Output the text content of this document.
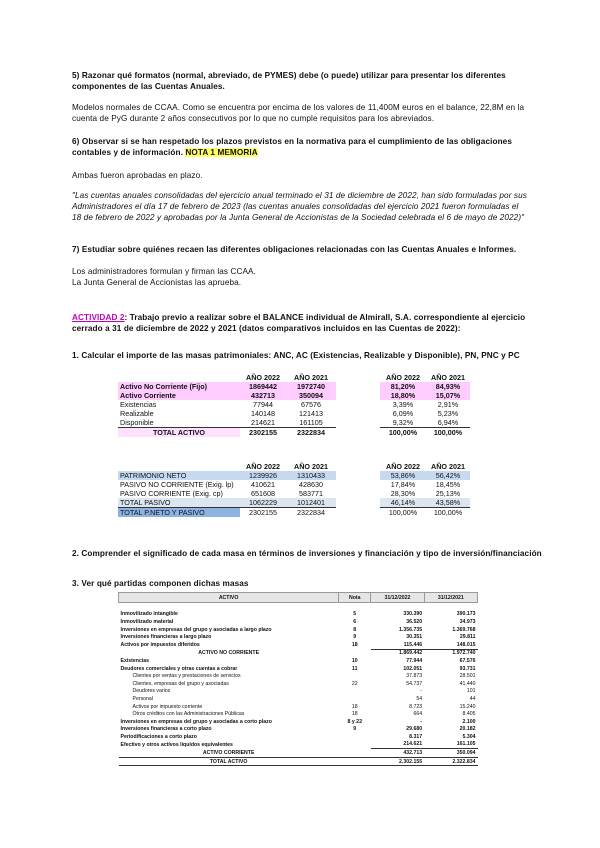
5) Razonar qué formatos (normal, abreviado, de PYMES) debe (o puede) utilizar para presentar los diferentes componentes de las Cuentas Anuales.
Modelos normales de CCAA. Como se encuentra por encima de los valores de 11,400M euros en el balance, 22,8M en la cuenta de PyG durante 2 años consecutivos por lo que no cumple requisitos para los abreviados.
6) Observar si se han respetado los plazos previstos en la normativa para el cumplimiento de las obligaciones contables y de información. NOTA 1 MEMORIA
Ambas fueron aprobadas en plazo.
"Las cuentas anuales consolidadas del ejercicio anual terminado el 31 de diciembre de 2022, han sido formuladas por sus Administradores el día 17 de febrero de 2023 (las cuentas anuales consolidadas del ejercicio 2021 fueron formuladas el 18 de febrero de 2022 y aprobadas por la Junta General de Accionistas de la Sociedad celebrada el 6 de mayo de 2022)"
7) Estudiar sobre quiénes recaen las diferentes obligaciones relacionadas con las Cuentas Anuales e Informes.
Los administradores formulan y firman las CCAA.
La Junta General de Accionistas las aprueba.
ACTIVIDAD 2: Trabajo previo a realizar sobre el BALANCE individual de Almirall, S.A. correspondiente al ejercicio cerrado a 31 de diciembre de 2022 y 2021 (datos comparativos incluidos en las Cuentas de 2022):
1. Calcular el importe de las masas patrimoniales: ANC, AC (Existencias, Realizable y Disponible), PN, PNC y PC
	AÑO 2022	AÑO 2021		AÑO 2022	AÑO 2021
Activo No Corriente (Fijo)	1869442	1972740		81,20%	84,93%
Activo Corriente	432713	350094		18,80%	15,07%
Existencias	77944	67576		3,39%	2,91%
Realizable	140148	121413		6,09%	5,23%
Disponible	214621	161105		9,32%	6,94%
TOTAL ACTIVO	2302155	2322834		100,00%	100,00%
	AÑO 2022	AÑO 2021		AÑO 2022	AÑO 2021
PATRIMONIO NETO	1239926	1310433		53,86%	56,42%
PASIVO NO CORRIENTE (Exig. lp)	410621	428630		17,84%	18,45%
PASIVO CORRIENTE (Exig. cp)	651608	583771		28,30%	25,13%
TOTAL PASIVO	1062229	1012401		46,14%	43,58%
TOTAL P.NETO Y PASIVO	2302155	2322834		100,00%	100,00%
2. Comprender el significado de cada masa en términos de inversiones y financiación y tipo de inversión/financiación
3. Ver qué partidas componen dichas masas
ACTIVO	Nota	31/12/2022	31/12/2021

Inmovilizado intangible	5	330.390	390.173
Inmovilizado material	6	36.520	34.973
Inversiones en empresas del grupo y asociadas a largo plazo	8	1.356.735	1.369.768
Inversiones financieras a largo plazo	9	30.351	29.811
Activos por impuestos diferidos	18	115.446	148.015
ACTIVO NO CORRIENTE		1.869.442	1.972.740
Existencias	10	77.944	67.576
Deudores comerciales y otras cuentas a cobrar	11	102.051	93.731
Clientes por ventas y prestaciones de servicios		37.873	28.501
Clientes, empresas del grupo y asociadas	22	54.737	41.440
Deudores varios		-	101
Personal		54	44
Activos por impuesto corriente	18	8.723	15.240
Otros créditos con las Administraciones Públicas	18	664	8.405
Inversiones en empresas del grupo y asociadas a corto plazo	8 y 22	-	2.100
Inversiones financieras a corto plazo	9	29.680	20.182
Periodificaciones a corto plazo		8.317	5.304
Efectivo y otros activos líquidos equivalentes		214.621	161.105
ACTIVO CORRIENTE		432.713	350.094
TOTAL ACTIVO		2.302.155	2.322.834
